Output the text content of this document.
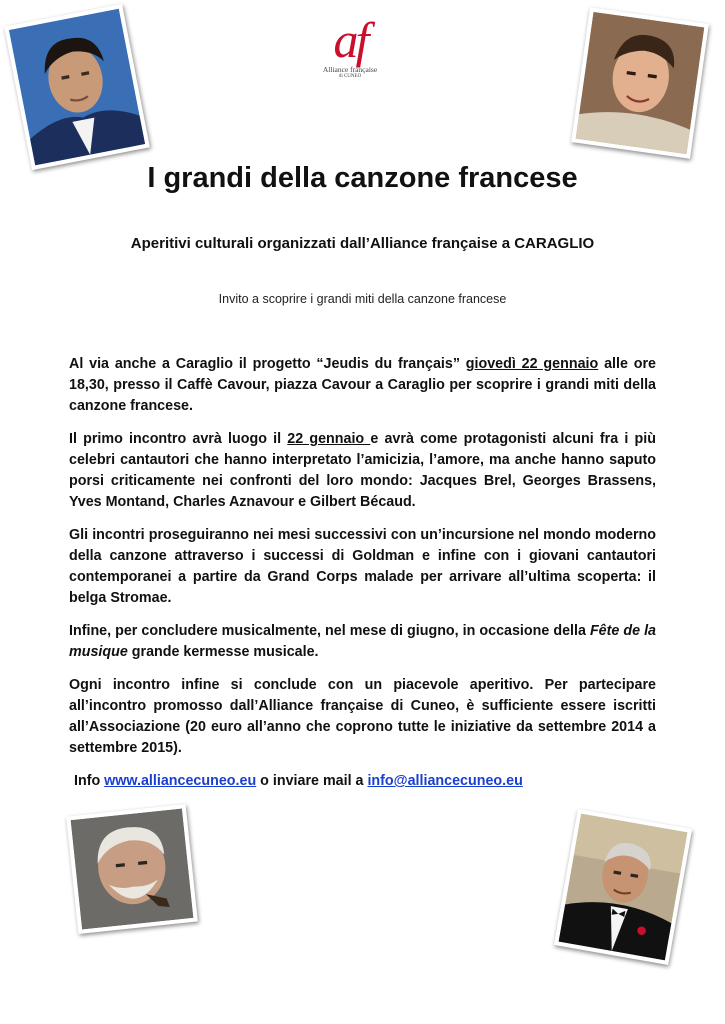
af
Alliance française
di CUNEO
I grandi della canzone francese

Aperitivi culturali organizzati dall’Alliance française a CARAGLIO

Invito a scoprire i grandi miti della canzone francese

Al via anche a Caraglio il progetto “Jeudis du français” giovedì 22 gennaio alle ore 18,30, presso il Caffè Cavour, piazza Cavour a Caraglio per scoprire i grandi miti della canzone francese.

Il primo incontro avrà luogo il 22 gennaio e avrà come protagonisti alcuni fra i più celebri cantautori che hanno interpretato l’amicizia, l’amore, ma anche hanno saputo porsi criticamente nei confronti del loro mondo: Jacques Brel, Georges Brassens, Yves Montand, Charles Aznavour e Gilbert Bécaud.

Gli incontri proseguiranno nei mesi successivi con un’incursione nel mondo moderno della canzone attraverso i successi di Goldman e infine con i giovani cantautori contemporanei a partire da Grand Corps malade per arrivare all’ultima scoperta: il belga Stromae.

Infine, per concludere musicalmente, nel mese di giugno, in occasione della Fête de la musique grande kermesse musicale.

Ogni incontro infine si conclude con un piacevole aperitivo. Per partecipare all’incontro promosso dall’Alliance française di Cuneo, è sufficiente essere iscritti all’Associazione (20 euro all’anno che coprono tutte le iniziative da settembre 2014 a settembre 2015).

Info www.alliancecuneo.eu o inviare mail a info@alliancecuneo.eu
